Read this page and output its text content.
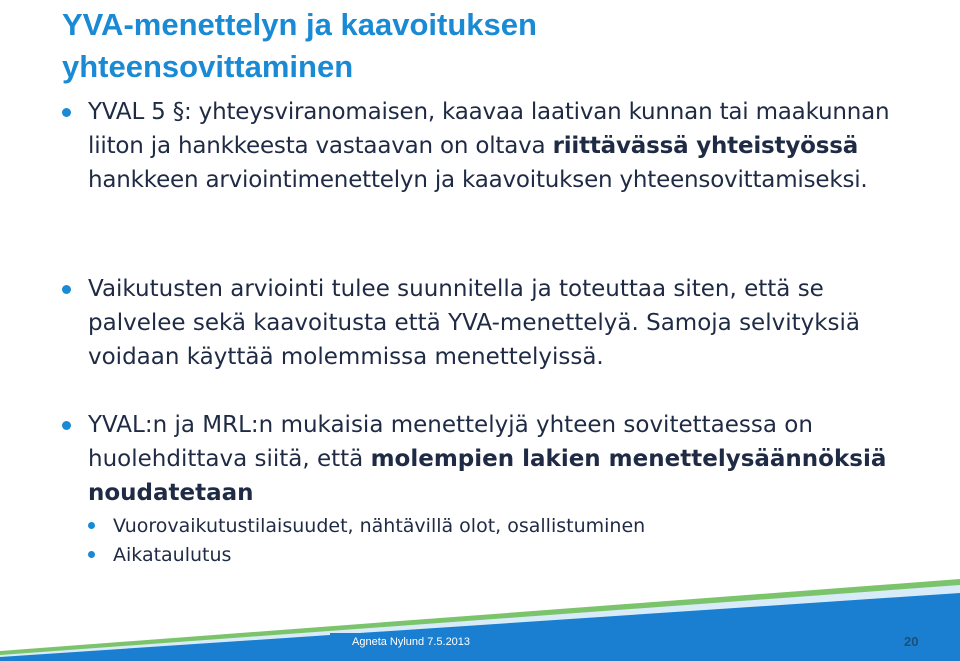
YVA-menettelyn ja kaavoituksen
yhteensovittaminen
YVAL 5 §: yhteysviranomaisen, kaavaa laativan kunnan tai maakunnan liiton ja hankkeesta vastaavan on oltava riittävässä yhteistyössä hankkeen arviointimenettelyn ja kaavoituksen yhteensovittamiseksi.
Vaikutusten arviointi tulee suunnitella ja toteuttaa siten, että se palvelee sekä kaavoitusta että YVA-menettelyä. Samoja selvityksiä voidaan käyttää molemmissa menettelyissä.
YVAL:n ja MRL:n mukaisia menettelyjä yhteen sovitettaessa on huolehdittava siitä, että molempien lakien menettelysäännöksiä noudatetaan
Vuorovaikutustilaisuudet, nähtävillä olot, osallistuminen
Aikataulutus
Agneta Nylund 7.5.2013	20
